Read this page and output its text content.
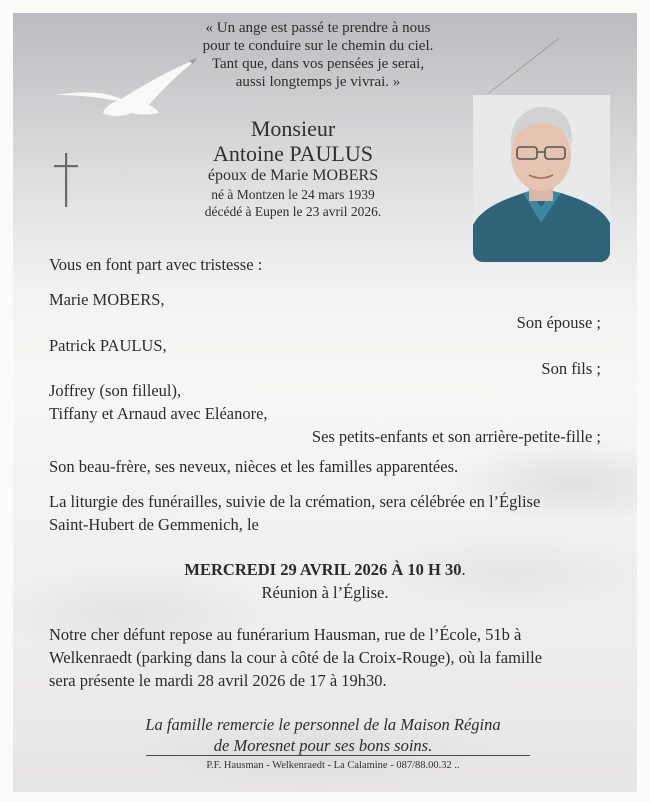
« Un ange est passé te prendre à nous
pour te conduire sur le chemin du ciel.
Tant que, dans vos pensées je serai,
aussi longtemps je vivrai. »
Monsieur
Antoine PAULUS
époux de Marie MOBERS
né à Montzen le 24 mars 1939
décédé à Eupen le 23 avril 2026.
Vous en font part avec tristesse :
Marie MOBERS,
Son épouse ;
Patrick PAULUS,
Son fils ;
Joffrey (son filleul),
Tiffany et Arnaud avec Eléanore,
Ses petits-enfants et son arrière-petite-fille ;
Son beau-frère, ses neveux, nièces et les familles apparentées.
La liturgie des funérailles, suivie de la crémation, sera célébrée en l’Église
Saint-Hubert de Gemmenich, le
MERCREDI 29 AVRIL 2026 À 10 H 30.
Réunion à l’Église.
Notre cher défunt repose au funérarium Hausman, rue de l’École, 51b à
Welkenraedt (parking dans la cour à côté de la Croix-Rouge), où la famille
sera présente le mardi 28 avril 2026 de 17 à 19h30.
La famille remercie le personnel de la Maison Régina
de Moresnet pour ses bons soins.
P.F. Hausman - Welkenraedt - La Calamine - 087/88.00.32 ..
